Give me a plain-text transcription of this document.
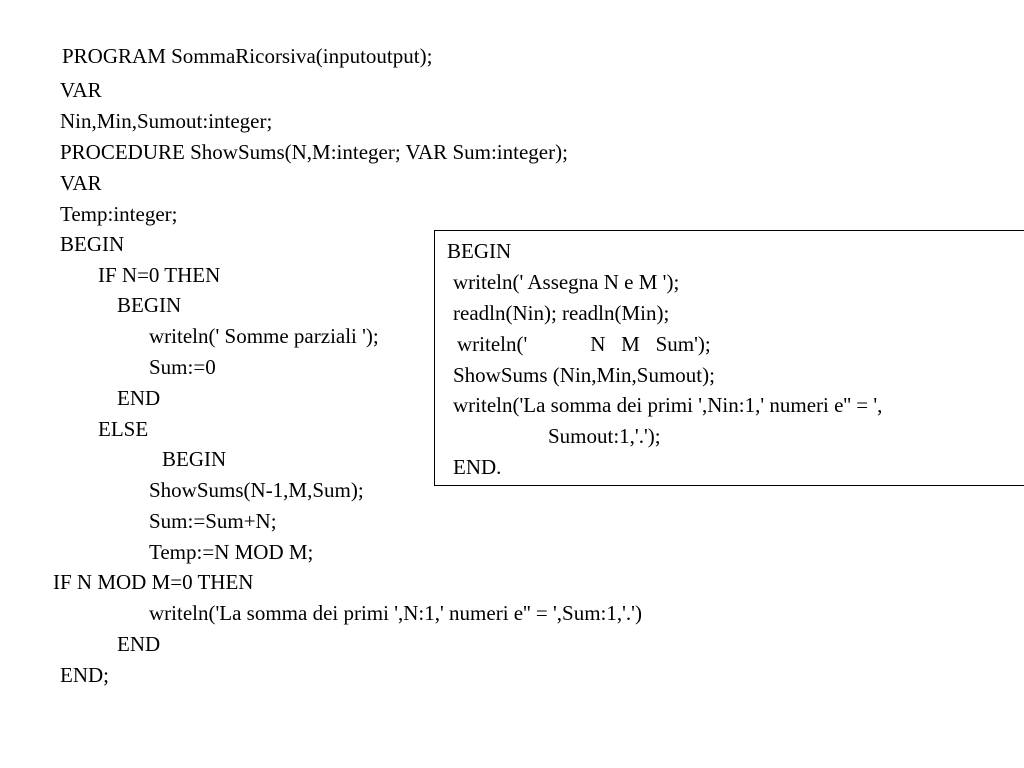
PROGRAM SommaRicorsiva(inputoutput);
VAR
Nin,Min,Sumout:integer;
PROCEDURE ShowSums(N,M:integer; VAR Sum:integer);
VAR
Temp:integer;
BEGIN
IF N=0 THEN
BEGIN
writeln(' Somme parziali ');
Sum:=0
END
ELSE
BEGIN
ShowSums(N-1,M,Sum);
Sum:=Sum+N;
Temp:=N MOD M;
IF N MOD M=0 THEN
writeln('La somma dei primi ',N:1,' numeri e'' = ',Sum:1,'.')
END
END;
BEGIN
writeln(' Assegna N e M ');
readln(Nin); readln(Min);
writeln('            N   M   Sum');
ShowSums (Nin,Min,Sumout);
writeln('La somma dei primi ',Nin:1,' numeri e'' = ',
Sumout:1,'.');
END.
